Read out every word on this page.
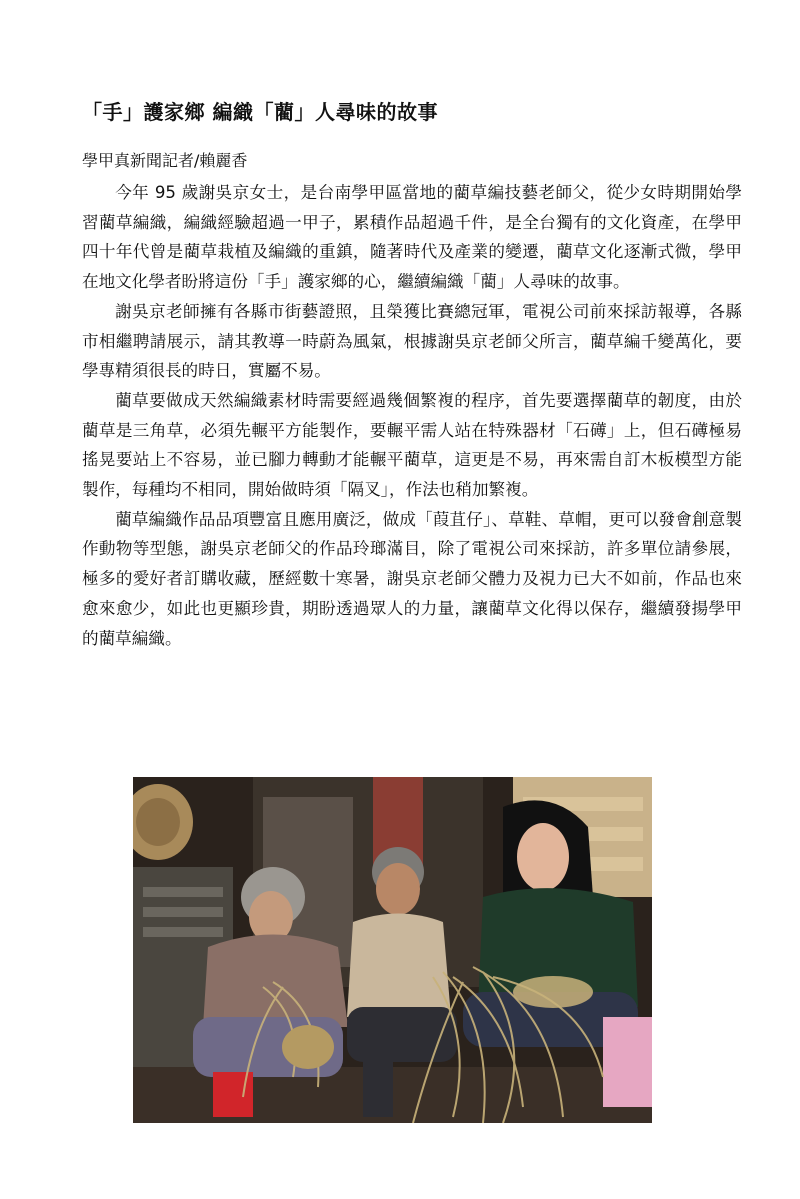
「手」護家鄉 編織「藺」人尋味的故事

學甲真新聞記者/賴麗香

今年 95 歲謝吳京女士，是台南學甲區當地的藺草編技藝老師父，從少女時期開始學習藺草編織，編織經驗超過一甲子，累積作品超過千件，是全台獨有的文化資產，在學甲四十年代曾是藺草栽植及編織的重鎮，隨著時代及產業的變遷，藺草文化逐漸式微，學甲在地文化學者盼將這份「手」護家鄉的心，繼續編織「藺」人尋味的故事。

謝吳京老師擁有各縣市街藝證照，且榮獲比賽總冠軍，電視公司前來採訪報導，各縣市相繼聘請展示，請其教導一時蔚為風氣，根據謝吳京老師父所言，藺草編千變萬化，要學專精須很長的時日，實屬不易。

藺草要做成天然編織素材時需要經過幾個繁複的程序，首先要選擇藺草的韌度，由於藺草是三角草，必須先輾平方能製作，要輾平需人站在特殊器材「石礡」上，但石礡極易搖晃要站上不容易，並已腳力轉動才能輾平藺草，這更是不易，再來需自訂木板模型方能製作，每種均不相同，開始做時須「隔叉」，作法也稍加繁複。

藺草編織作品品項豐富且應用廣泛，做成「葭苴仔」、草鞋、草帽，更可以發會創意製作動物等型態，謝吳京老師父的作品玲瑯滿目，除了電視公司來採訪，許多單位請參展，極多的愛好者訂購收藏，歷經數十寒暑，謝吳京老師父體力及視力已大不如前，作品也來愈來愈少，如此也更顯珍貴，期盼透過眾人的力量，讓藺草文化得以保存，繼續發揚學甲的藺草編織。
